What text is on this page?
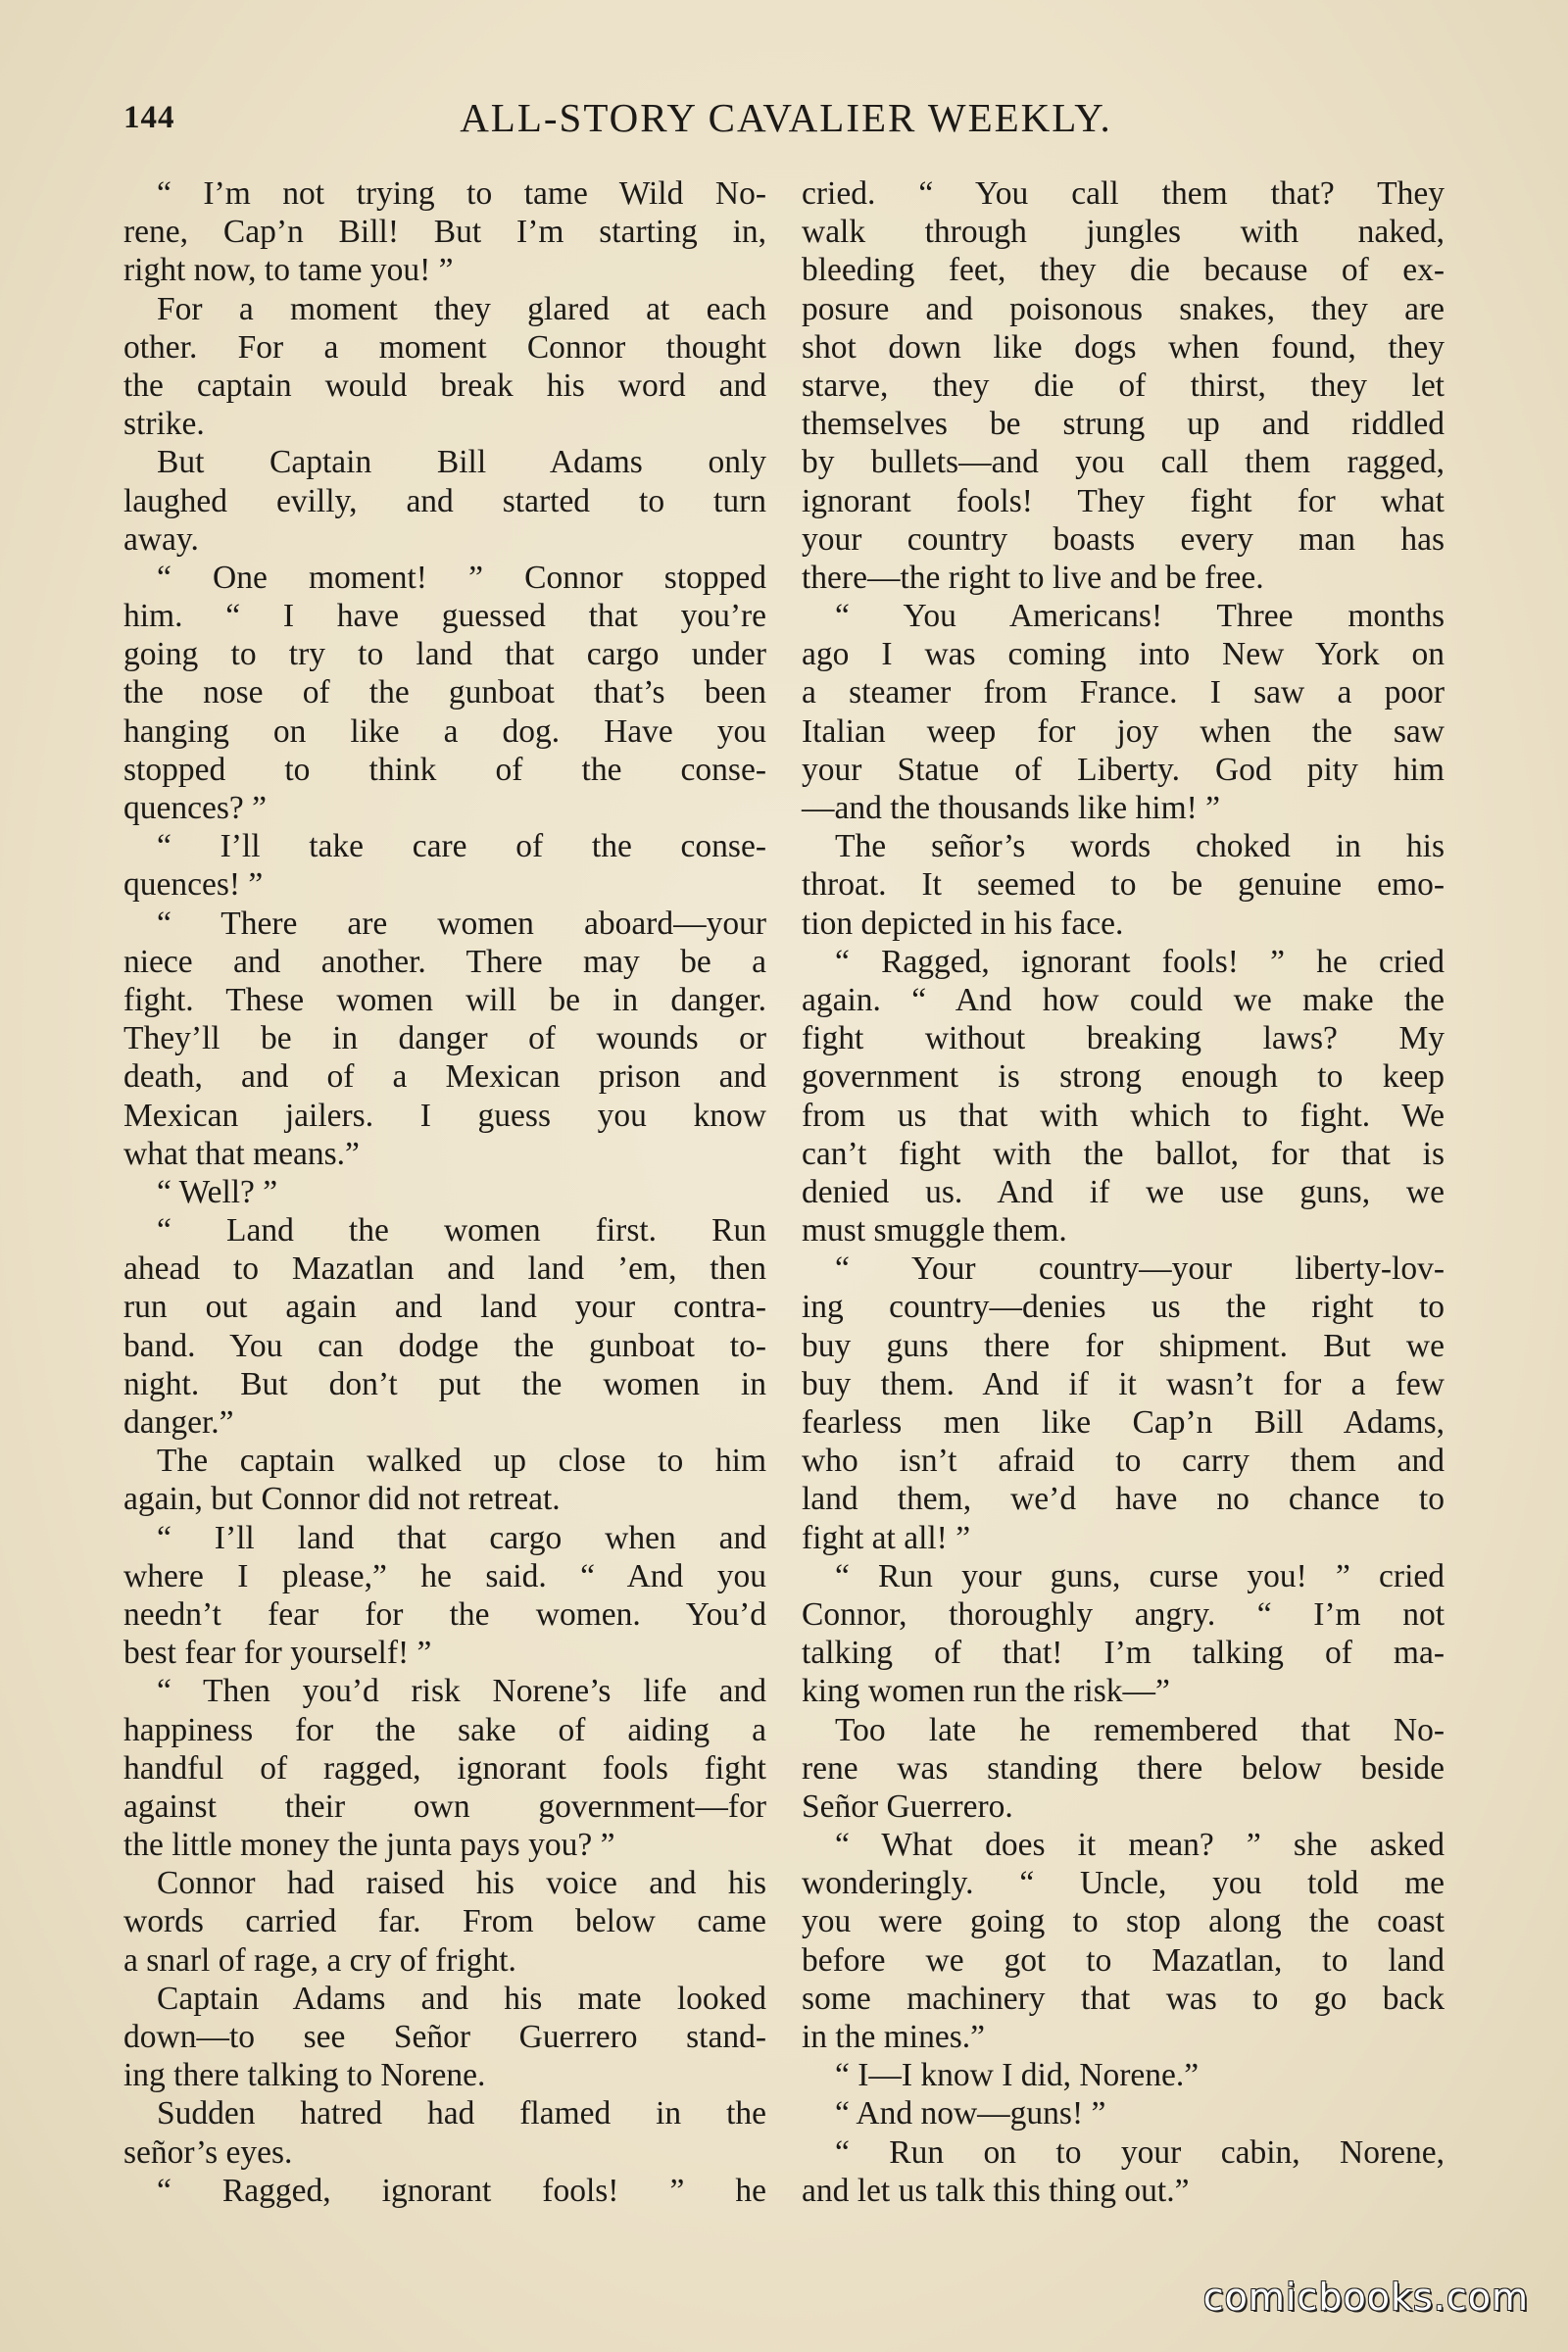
144	ALL-STORY CAVALIER WEEKLY.
“ I’m not trying to tame Wild No-
rene, Cap’n Bill! But I’m starting in,
right now, to tame you! ”
For a moment they glared at each
other. For a moment Connor thought
the captain would break his word and
strike.
But Captain Bill Adams only
laughed evilly, and started to turn
away.
“ One moment! ” Connor stopped
him. “ I have guessed that you’re
going to try to land that cargo under
the nose of the gunboat that’s been
hanging on like a dog. Have you
stopped to think of the conse-
quences? ”
“ I’ll take care of the conse-
quences! ”
“ There are women aboard—your
niece and another. There may be a
fight. These women will be in danger.
They’ll be in danger of wounds or
death, and of a Mexican prison and
Mexican jailers. I guess you know
what that means.”
“ Well? ”
“ Land the women first. Run
ahead to Mazatlan and land ’em, then
run out again and land your contra-
band. You can dodge the gunboat to-
night. But don’t put the women in
danger.”
The captain walked up close to him
again, but Connor did not retreat.
“ I’ll land that cargo when and
where I please,” he said. “ And you
needn’t fear for the women. You’d
best fear for yourself! ”
“ Then you’d risk Norene’s life and
happiness for the sake of aiding a
handful of ragged, ignorant fools fight
against their own government—for
the little money the junta pays you? ”
Connor had raised his voice and his
words carried far. From below came
a snarl of rage, a cry of fright.
Captain Adams and his mate looked
down—to see Señor Guerrero stand-
ing there talking to Norene.
Sudden hatred had flamed in the
señor’s eyes.
“ Ragged, ignorant fools! ” he
cried. “ You call them that? They
walk through jungles with naked,
bleeding feet, they die because of ex-
posure and poisonous snakes, they are
shot down like dogs when found, they
starve, they die of thirst, they let
themselves be strung up and riddled
by bullets—and you call them ragged,
ignorant fools! They fight for what
your country boasts every man has
there—the right to live and be free.
“ You Americans! Three months
ago I was coming into New York on
a steamer from France. I saw a poor
Italian weep for joy when the saw
your Statue of Liberty. God pity him
—and the thousands like him! ”
The señor’s words choked in his
throat. It seemed to be genuine emo-
tion depicted in his face.
“ Ragged, ignorant fools! ” he cried
again. “ And how could we make the
fight without breaking laws? My
government is strong enough to keep
from us that with which to fight. We
can’t fight with the ballot, for that is
denied us. And if we use guns, we
must smuggle them.
“ Your country—your liberty-lov-
ing country—denies us the right to
buy guns there for shipment. But we
buy them. And if it wasn’t for a few
fearless men like Cap’n Bill Adams,
who isn’t afraid to carry them and
land them, we’d have no chance to
fight at all! ”
“ Run your guns, curse you! ” cried
Connor, thoroughly angry. “ I’m not
talking of that! I’m talking of ma-
king women run the risk—”
Too late he remembered that No-
rene was standing there below beside
Señor Guerrero.
“ What does it mean? ” she asked
wonderingly. “ Uncle, you told me
you were going to stop along the coast
before we got to Mazatlan, to land
some machinery that was to go back
in the mines.”
“ I—I know I did, Norene.”
“ And now—guns! ”
“ Run on to your cabin, Norene,
and let us talk this thing out.”
comicbooks.com
